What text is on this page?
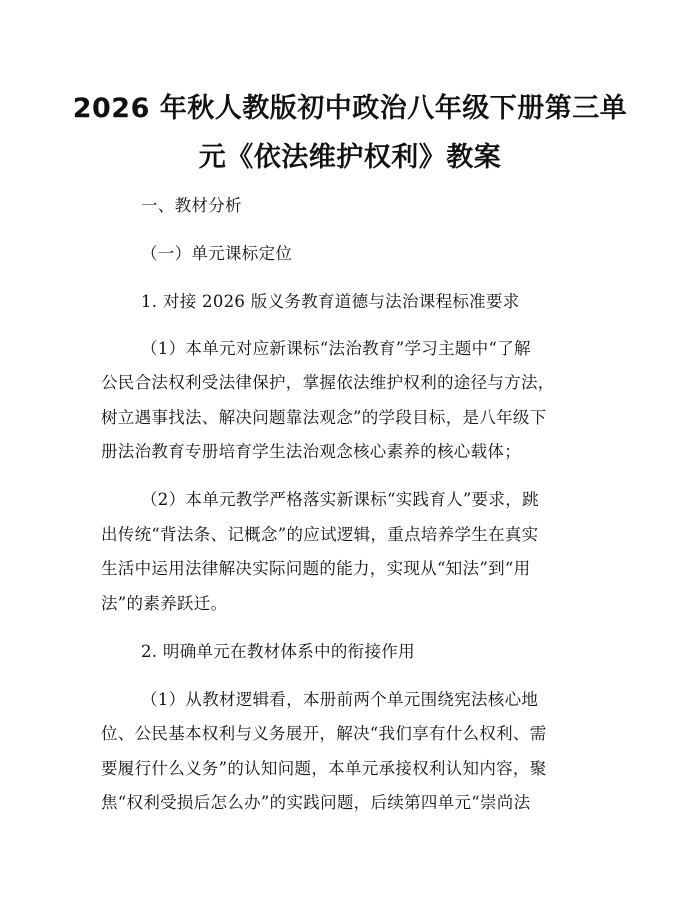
2026 年秋人教版初中政治八年级下册第三单
元《依法维护权利》教案
一、教材分析
（一）单元课标定位
1. 对接 2026 版义务教育道德与法治课程标准要求
（1）本单元对应新课标“法治教育”学习主题中“了解
公民合法权利受法律保护，掌握依法维护权利的途径与方法，
树立遇事找法、解决问题靠法观念”的学段目标，是八年级下
册法治教育专册培育学生法治观念核心素养的核心载体；
（2）本单元教学严格落实新课标“实践育人”要求，跳
出传统“背法条、记概念”的应试逻辑，重点培养学生在真实
生活中运用法律解决实际问题的能力，实现从“知法”到“用
法”的素养跃迁。
2. 明确单元在教材体系中的衔接作用
（1）从教材逻辑看，本册前两个单元围绕宪法核心地
位、公民基本权利与义务展开，解决“我们享有什么权利、需
要履行什么义务”的认知问题，本单元承接权利认知内容，聚
焦“权利受损后怎么办”的实践问题，后续第四单元“崇尚法
